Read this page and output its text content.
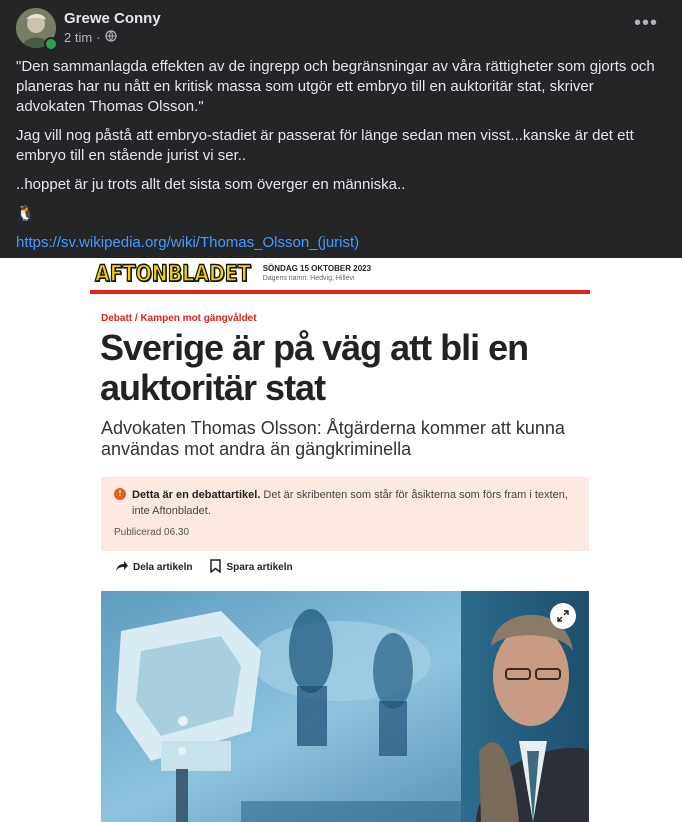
Grewe Conny
2 tim ·
•••

"Den sammanlagda effekten av de ingrepp och begränsningar av våra rättigheter som gjorts och planeras har nu nått en kritisk massa som utgör ett embryo till en auktoritär stat, skriver advokaten Thomas Olsson."

Jag vill nog påstå att embryo-stadiet är passerat för länge sedan men visst...kanske är det ett embryo till en stående jurist vi ser..

..hoppet är ju trots allt det sista som överger en människa..

🐧

https://sv.wikipedia.org/wiki/Thomas_Olsson_(jurist)

AFTONBLADET SÖNDAG 15 OKTOBER 2023
Dagens namn: Hedvig, Hillevi
Debatt / Kampen mot gängvåldet
Sverige är på väg att bli en auktoritär stat
Advokaten Thomas Olsson: Åtgärderna kommer att kunna användas mot andra än gängkriminella
! Detta är en debattartikel. Det är skribenten som står för åsikterna som förs fram i texten, inte Aftonbladet.
Publicerad 06.30
Dela artikeln	Spara artikeln
